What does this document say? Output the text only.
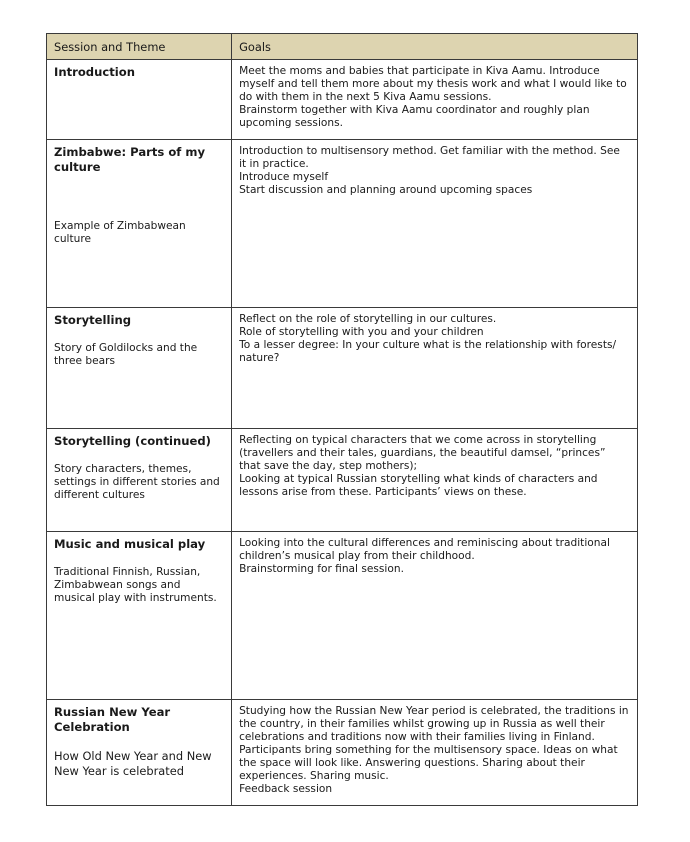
Session and Theme	Goals

Introduction	Meet the moms and babies that participate in Kiva Aamu. Introduce myself and tell them more about my thesis work and what I would like to do with them in the next 5 Kiva Aamu sessions.
Brainstorm together with Kiva Aamu coordinator and roughly plan upcoming sessions.

Zimbabwe: Parts of my culture
Example of Zimbabwean culture	Introduction to multisensory method. Get familiar with the method. See it in practice.
Introduce myself
Start discussion and planning around upcoming spaces

Storytelling
Story of Goldilocks and the three bears	Reflect on the role of storytelling in our cultures.
Role of storytelling with you and your children
To a lesser degree: In your culture what is the relationship with forests/ nature?

Storytelling (continued)
Story characters, themes, settings in different stories and different cultures	Reflecting on typical characters that we come across in storytelling (travellers and their tales, guardians, the beautiful damsel, “princes” that save the day, step mothers);
Looking at typical Russian storytelling what kinds of characters and lessons arise from these. Participants’ views on these.

Music and musical play
Traditional Finnish, Russian, Zimbabwean songs and musical play with instruments.	Looking into the cultural differences and reminiscing about traditional children’s musical play from their childhood.
Brainstorming for final session.

Russian New Year Celebration
How Old New Year and New New Year is celebrated	Studying how the Russian New Year period is celebrated, the traditions in the country, in their families whilst growing up in Russia as well their celebrations and traditions now with their families living in Finland.
Participants bring something for the multisensory space. Ideas on what the space will look like. Answering questions. Sharing about their experiences. Sharing music.
Feedback session
